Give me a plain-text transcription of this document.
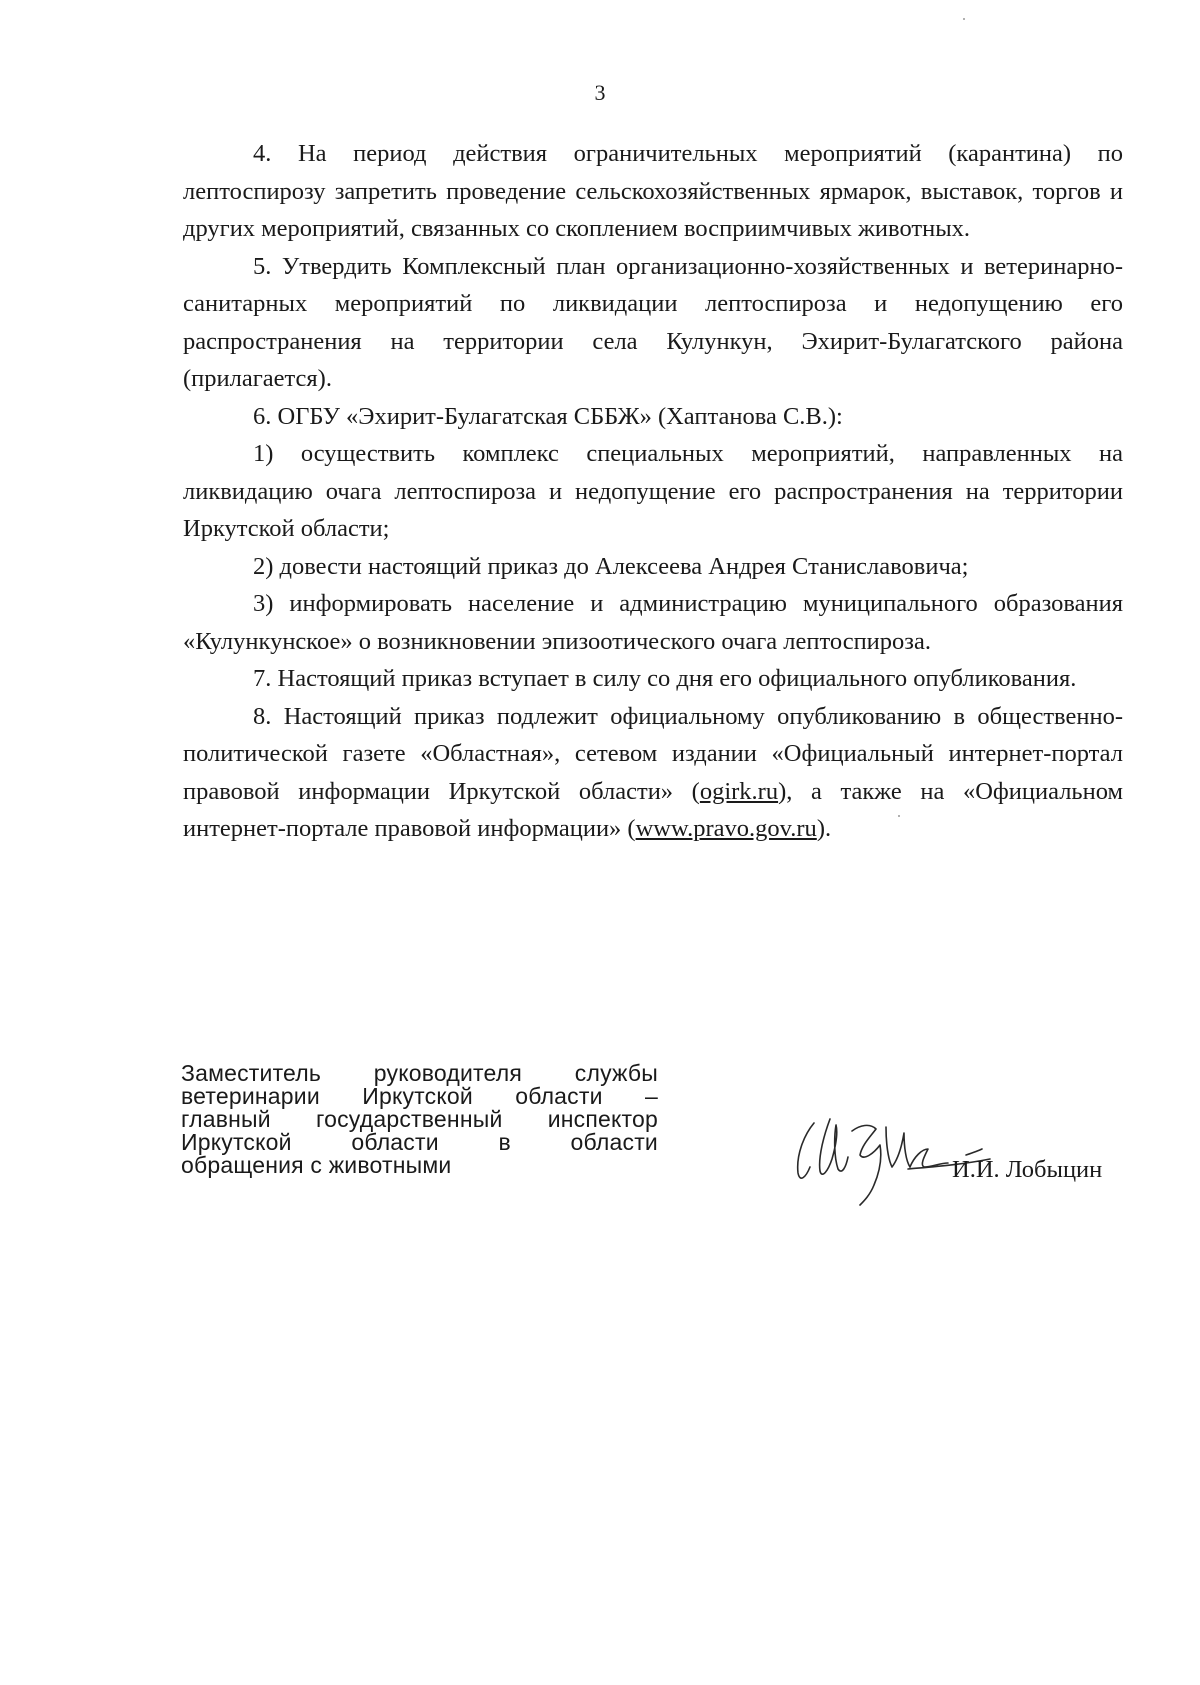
3

4. На период действия ограничительных мероприятий (карантина) по лептоспирозу запретить проведение сельскохозяйственных ярмарок, выставок, торгов и других мероприятий, связанных со скоплением восприимчивых животных.

5. Утвердить Комплексный план организационно-хозяйственных и ветеринарно-санитарных мероприятий по ликвидации лептоспироза и недопущению его распространения на территории села Кулункун, Эхирит-Булагатского района (прилагается).

6. ОГБУ «Эхирит-Булагатская СББЖ» (Хаптанова С.В.):

1) осуществить комплекс специальных мероприятий, направленных на ликвидацию очага лептоспироза и недопущение его распространения на территории Иркутской области;

2) довести настоящий приказ до Алексеева Андрея Станиславовича;

3) информировать население и администрацию муниципального образования «Кулункунское» о возникновении эпизоотического очага лептоспироза.

7. Настоящий приказ вступает в силу со дня его официального опубликования.

8. Настоящий приказ подлежит официальному опубликованию в общественно-политической газете «Областная», сетевом издании «Официальный интернет-портал правовой информации Иркутской области» (ogirk.ru), а также на «Официальном интернет-портале правовой информации» (www.pravo.gov.ru).

Заместитель руководителя службы
ветеринарии Иркутской области –
главный государственный инспектор
Иркутской области в области
обращения с животными	И.И. Лобыцин
